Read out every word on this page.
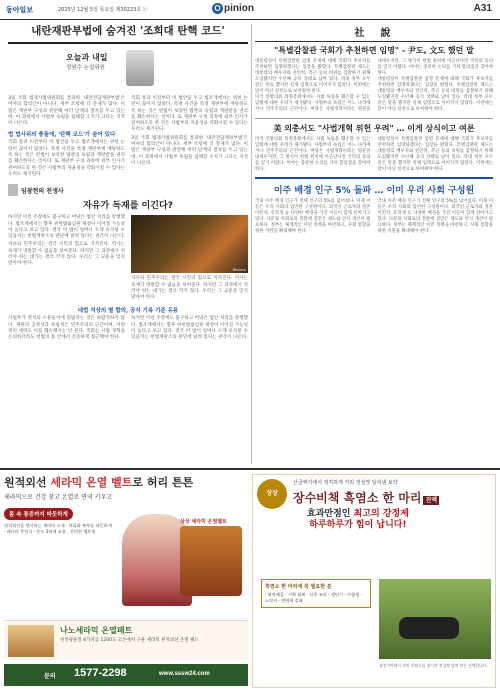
동아일보	2025년 12월 5일 목요일 제30223호 ⓒ	O pinion	A31
내란재판부법에 숨겨진 '조희대 탄핵 코드'
오늘과 내일
정원수 논설위원

3일 국회 법제사법위원회를 통과한 '내란전담재판부법'은 여야의 합의안이 아니다. 세부 조항에 더 문제가 많다. 이 법은 재판부 구성과 관련해 여러 단계의 절차를 두고 있는데, 이 과정에서 사법부 독립을 침해할 소지가 크다는 지적이 나온다.

법 법사위의 충돌에, '탄핵 코드'가 숨어 있다

국회 통과 이전부터 이 법안을 두고 법조계에서는 위헌 논란이 끊이지 않았다. 특정 사건을 특정 재판부에 배당하도록 하는 것은 헌법이 보장한 법관의 독립과 재판받을 권리를 훼손한다는 것이다. 또 재판부 구성 과정에 외부 인사가 관여하도록 한 것은 사법부의 자율성을 약화시킬 수 있다는 우려도 제기된다.

국회 통과 이전부터 이 법안을 두고 법조계에서는 위헌 논란이 끊이지 않았다. 특정 사건을 특정 재판부에 배당하도록 하는 것은 헌법이 보장한 법관의 독립과 재판받을 권리를 훼손한다는 것이다. 또 재판부 구성 과정에 외부 인사가 관여하도록 한 것은 사법부의 자율성을 약화시킬 수 있다는 우려도 제기된다.

3일 국회 법제사법위원회를 통과한 '내란전담재판부법'은 여야의 합의안이 아니다. 세부 조항에 더 문제가 많다. 이 법은 재판부 구성과 관련해 여러 단계의 절차를 두고 있는데, 이 과정에서 사법부 독립을 침해할 소지가 크다는 지적이 나온다.

임광현의 천생사
자유가 독재를 이긴다?

하지만 이런 주장에도 불구하고 여당은 법안 처리를 강행했다. 법조계에서는 향후 위헌법률심판 제청이 이어질 가능성이 높다고 보고 있다. 결국 이 법이 얼마나 오래 유지될 수 있을지는 헌법재판소의 판단에 달려 있다는 관측이 나온다.

자유와 민주주의는 결국 시민의 힘으로 지켜진다. 역사는 독재가 영원할 수 없음을 보여준다. 하지만 그 과정에서 치러야 하는 대가는 결코 작지 않다. 우리는 그 교훈을 잊지 말아야 한다.

Reuters

자유와 민주주의는 결국 시민의 힘으로 지켜진다. 역사는 독재가 영원할 수 없음을 보여준다. 하지만 그 과정에서 치러야 하는 대가는 결코 작지 않다. 우리는 그 교훈을 잊지 말아야 한다.

대법 석상의 별 합의, 공식 기록 기준 유용

사법부가 정치의 소용돌이에 휘말리는 것은 바람직하지 않다. 재판의 공정성과 독립성은 민주주의의 근간이며, 어떤 정치 세력도 이를 훼손해서는 안 된다. 국회는 사법 개혁을 논의하더라도 헌법의 틀 안에서 신중하게 접근해야 한다.

하지만 이런 주장에도 불구하고 여당은 법안 처리를 강행했다. 법조계에서는 향후 위헌법률심판 제청이 이어질 가능성이 높다고 보고 있다. 결국 이 법이 얼마나 오래 유지될 수 있을지는 헌법재판소의 판단에 달려 있다는 관측이 나온다.

社　說
"특별감찰관 국회가 추천하면 임명" - 尹도, 文도 했던 말

대통령실이 특별감찰관 임명 문제에 대해 국회가 후보자를 추천하면 임명하겠다는 입장을 밝혔다. 특별감찰관 제도는 대통령의 배우자와 친인척, 측근 등의 비위를 감찰하기 위해 도입됐지만 수년째 공석 상태로 남아 있다. 역대 정부 모두 같은 말을 했지만 실제 임명으로 이어지지 않았다. 이번에는 말이 아닌 실천으로 보여줘야 한다.

미국 연방의회 의원총회에서도 사법 독립을 훼손할 수 있는 입법에 대한 우려가 제기됐다. 사법부의 독립은 어느 나라에서나 민주주의의 근간이다. 여당은 사법개혁이라는 명분을 내세우지만, 그 방식이 헌법 원칙에 어긋난다면 국민의 동의를 얻기 어렵다. 여야는 충분한 논의를 거쳐 합의점을 찾아야 한다.

대통령실이 특별감찰관 임명 문제에 대해 국회가 후보자를 추천하면 임명하겠다는 입장을 밝혔다. 특별감찰관 제도는 대통령의 배우자와 친인척, 측근 등의 비위를 감찰하기 위해 도입됐지만 수년째 공석 상태로 남아 있다. 역대 정부 모두 같은 말을 했지만 실제 임명으로 이어지지 않았다. 이번에는 말이 아닌 실천으로 보여줘야 한다.

美 의총서도 "사법개혁 위헌 우려" … 이게 상식이고 여론

미국 연방의회 의원총회에서도 사법 독립을 훼손할 수 있는 입법에 대한 우려가 제기됐다. 사법부의 독립은 어느 나라에서나 민주주의의 근간이다. 여당은 사법개혁이라는 명분을 내세우지만, 그 방식이 헌법 원칙에 어긋난다면 국민의 동의를 얻기 어렵다. 여야는 충분한 논의를 거쳐 합의점을 찾아야 한다.

대통령실이 특별감찰관 임명 문제에 대해 국회가 후보자를 추천하면 임명하겠다는 입장을 밝혔다. 특별감찰관 제도는 대통령의 배우자와 친인척, 측근 등의 비위를 감찰하기 위해 도입됐지만 수년째 공석 상태로 남아 있다. 역대 정부 모두 같은 말을 했지만 실제 임명으로 이어지지 않았다. 이번에는 말이 아닌 실천으로 보여줘야 한다.

이주 배경 인구 5% 돌파 … 이미 우리 사회 구성원

국내 이주 배경 인구가 전체 인구의 5%를 넘어섰다. 이제 이들은 우리 사회의 엄연한 구성원이다. 외국인 근로자와 결혼이민자, 유학생 등 다양한 배경을 가진 이들이 함께 살아가고 있다. 다문화 사회로의 전환에 걸맞은 제도와 인식 개선이 필요하다. 정부는 체계적인 이민 정책을 마련하고, 사회 통합을 위한 지원을 확대해야 한다.

국내 이주 배경 인구가 전체 인구의 5%를 넘어섰다. 이제 이들은 우리 사회의 엄연한 구성원이다. 외국인 근로자와 결혼이민자, 유학생 등 다양한 배경을 가진 이들이 함께 살아가고 있다. 다문화 사회로의 전환에 걸맞은 제도와 인식 개선이 필요하다. 정부는 체계적인 이민 정책을 마련하고, 사회 통합을 위한 지원을 확대해야 한다.

원적외선 세라믹 온열 벨트로 허리 튼튼
세라믹으로 건강 찾고 온열로 면역 키우고
몸 속 통증까지 따듯하게
원적외선을 방사하는 세라믹 소재 · 허리와 복부를 따뜻하게 · 배터리 충전식 · 온도 3단계 조절 · 간편한 벨트형
상상 세라믹 온열벨트
나노세라믹 온열패트
천연광물질 8가지를 1200도 고온에서 구운 세라믹 원적외선 온열 패드
문의 1577-2298	www.sssw24.com
상상
산골짜기에서 정직하게 키워 정성껏 달여낸 보약
장수비책 흑염소 한 마리 진액
효과만점인 최고의 강정제
하루하루가 힘이 납니다!
흑염소 한 마리에 꼭 필요한 분
· 허약체질 · 기력 회복 · 산후 조리 · 갱년기 · 수험생 · 노약자 · 면역력 강화
청정지역에서 자란 흑염소를 장시간 정성껏 달여 만든 진액입니다.
